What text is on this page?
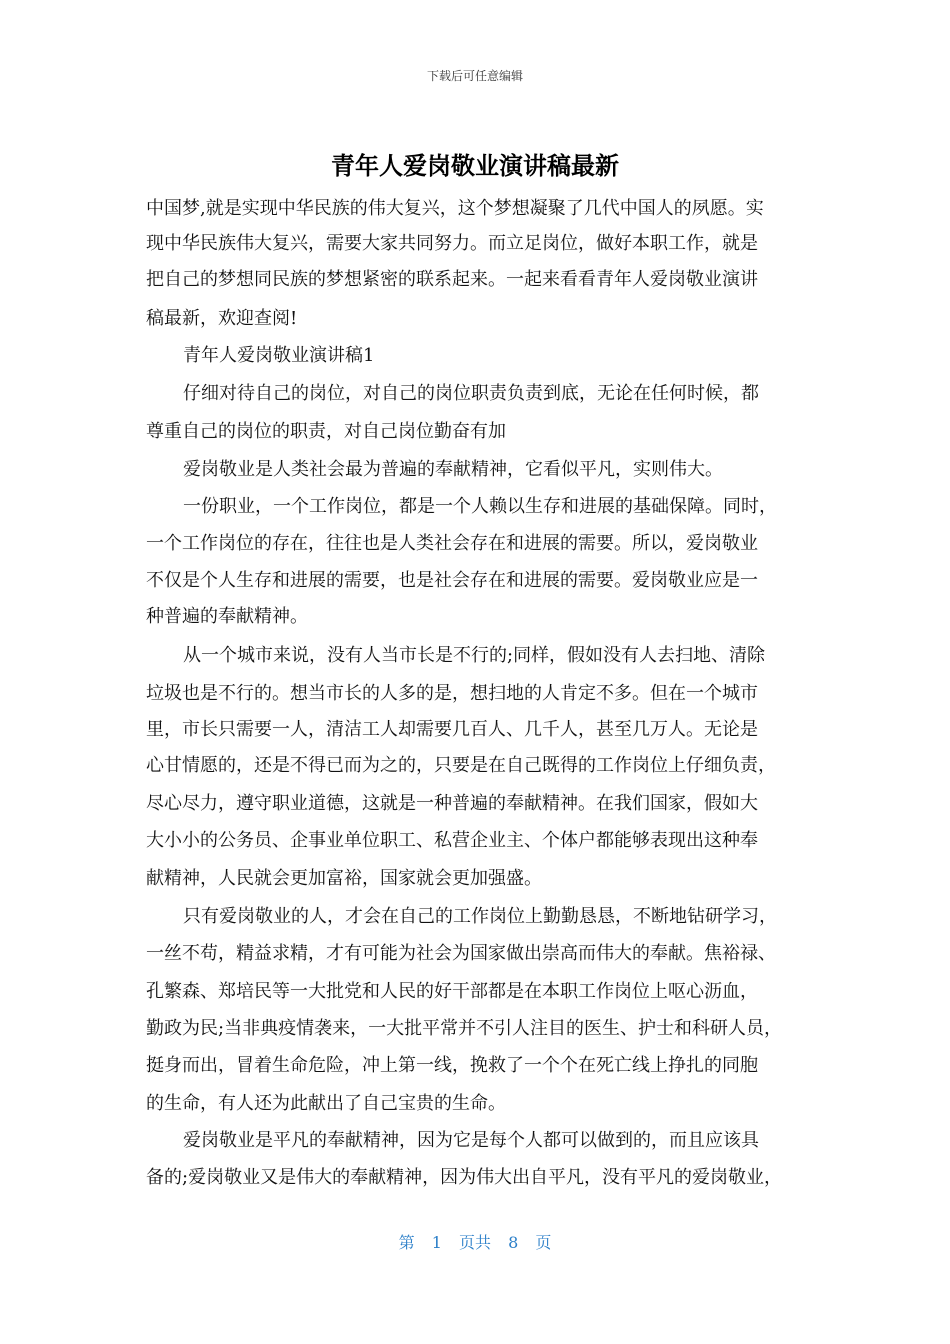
下载后可任意编辑
青年人爱岗敬业演讲稿最新
中国梦,就是实现中华民族的伟大复兴，这个梦想凝聚了几代中国人的夙愿。实
现中华民族伟大复兴，需要大家共同努力。而立足岗位，做好本职工作，就是
把自己的梦想同民族的梦想紧密的联系起来。一起来看看青年人爱岗敬业演讲
稿最新，欢迎查阅!
青年人爱岗敬业演讲稿1
仔细对待自己的岗位，对自己的岗位职责负责到底，无论在任何时候，都
尊重自己的岗位的职责，对自己岗位勤奋有加
爱岗敬业是人类社会最为普遍的奉献精神，它看似平凡，实则伟大。
一份职业，一个工作岗位，都是一个人赖以生存和进展的基础保障。同时，
一个工作岗位的存在，往往也是人类社会存在和进展的需要。所以，爱岗敬业
不仅是个人生存和进展的需要，也是社会存在和进展的需要。爱岗敬业应是一
种普遍的奉献精神。
从一个城市来说，没有人当市长是不行的;同样，假如没有人去扫地、清除
垃圾也是不行的。想当市长的人多的是，想扫地的人肯定不多。但在一个城市
里，市长只需要一人，清洁工人却需要几百人、几千人，甚至几万人。无论是
心甘情愿的，还是不得已而为之的，只要是在自己既得的工作岗位上仔细负责，
尽心尽力，遵守职业道德，这就是一种普遍的奉献精神。在我们国家，假如大
大小小的公务员、企事业单位职工、私营企业主、个体户都能够表现出这种奉
献精神，人民就会更加富裕，国家就会更加强盛。
只有爱岗敬业的人，才会在自己的工作岗位上勤勤恳恳，不断地钻研学习，
一丝不苟，精益求精，才有可能为社会为国家做出崇高而伟大的奉献。焦裕禄、
孔繁森、郑培民等一大批党和人民的好干部都是在本职工作岗位上呕心沥血，
勤政为民;当非典疫情袭来，一大批平常并不引人注目的医生、护士和科研人员，
挺身而出，冒着生命危险，冲上第一线，挽救了一个个在死亡线上挣扎的同胞
的生命，有人还为此献出了自己宝贵的生命。
爱岗敬业是平凡的奉献精神，因为它是每个人都可以做到的，而且应该具
备的;爱岗敬业又是伟大的奉献精神，因为伟大出自平凡，没有平凡的爱岗敬业，
第 1 页共 8 页
